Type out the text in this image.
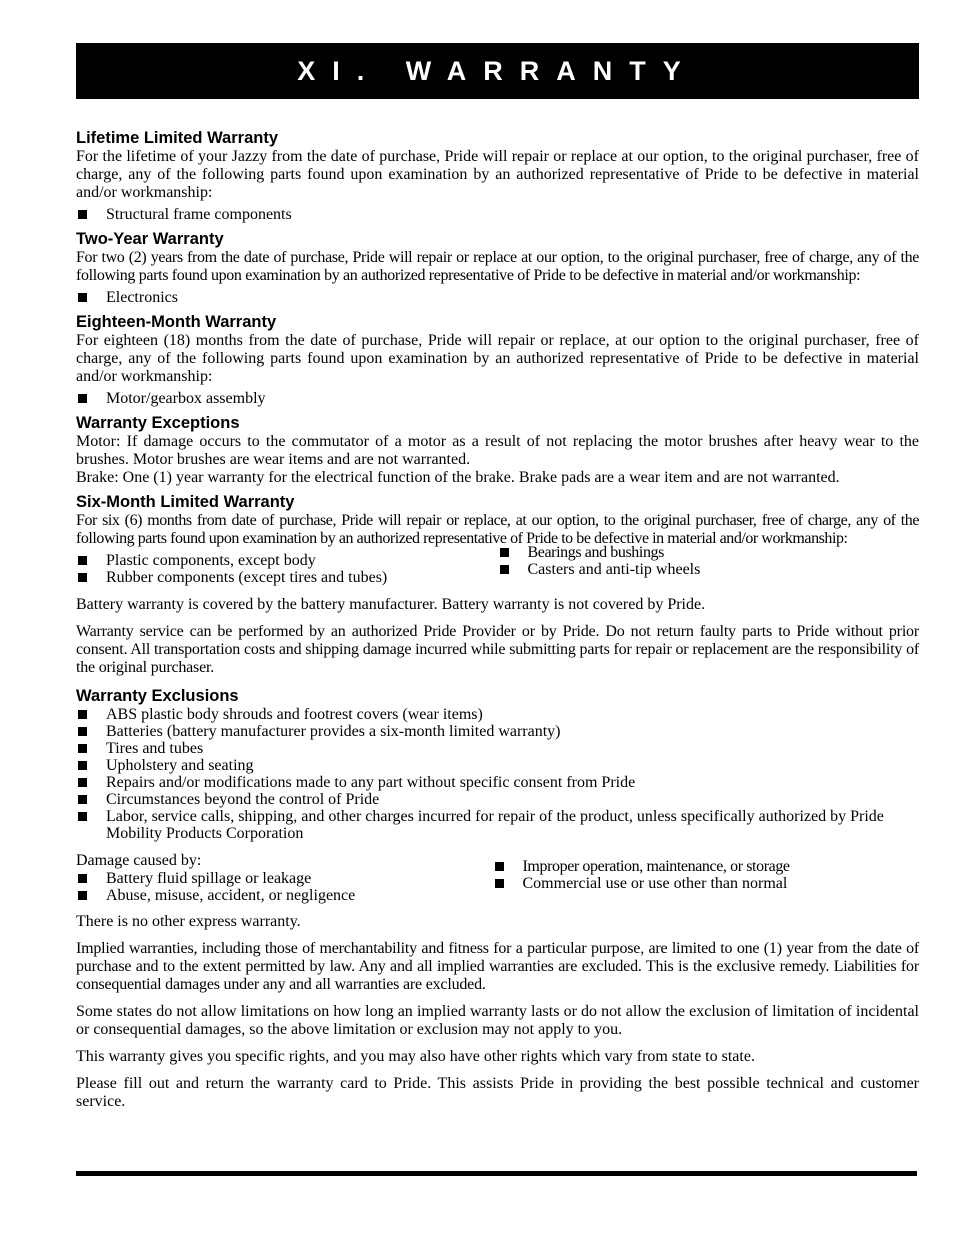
XI. WARRANTY
Lifetime Limited Warranty

For the lifetime of your Jazzy from the date of purchase, Pride will repair or replace at our option, to the original purchaser, free of charge, any of the following parts found upon examination by an authorized representative of Pride to be defective in material and/or workmanship:

Structural frame components
Two-Year Warranty

For two (2) years from the date of purchase, Pride will repair or replace at our option, to the original purchaser, free of charge, any of the following parts found upon examination by an authorized representative of Pride to be defective in material and/or workmanship:

Electronics
Eighteen-Month Warranty

For eighteen (18) months from the date of purchase, Pride will repair or replace, at our option to the original purchaser, free of charge, any of the following parts found upon examination by an authorized representative of Pride to be defective in material and/or workmanship:

Motor/gearbox assembly
Warranty Exceptions

Motor: If damage occurs to the commutator of a motor as a result of not replacing the motor brushes after heavy wear to the brushes. Motor brushes are wear items and are not warranted.

Brake: One (1) year warranty for the electrical function of the brake. Brake pads are a wear item and are not warranted.

Six-Month Limited Warranty

For six (6) months from date of purchase, Pride will repair or replace, at our option, to the original purchaser, free of charge, any of the following parts found upon examination by an authorized representative of Pride to be defective in material and/or workmanship:

Plastic components, except body
Rubber components (except tires and tubes)
Bearings and bushings
Casters and anti-tip wheels

Battery warranty is covered by the battery manufacturer. Battery warranty is not covered by Pride.

Warranty service can be performed by an authorized Pride Provider or by Pride. Do not return faulty parts to Pride without prior consent. All transportation costs and shipping damage incurred while submitting parts for repair or replacement are the responsibility of the original purchaser.

Warranty Exclusions
ABS plastic body shrouds and footrest covers (wear items)
Batteries (battery manufacturer provides a six-month limited warranty)
Tires and tubes
Upholstery and seating
Repairs and/or modifications made to any part without specific consent from Pride
Circumstances beyond the control of Pride
Labor, service calls, shipping, and other charges incurred for repair of the product, unless specifically authorized by Pride Mobility Products Corporation

Damage caused by:

Battery fluid spillage or leakage
Abuse, misuse, accident, or negligence
Improper operation, maintenance, or storage
Commercial use or use other than normal

There is no other express warranty.

Implied warranties, including those of merchantability and fitness for a particular purpose, are limited to one (1) year from the date of purchase and to the extent permitted by law. Any and all implied warranties are excluded. This is the exclusive remedy. Liabilities for consequential damages under any and all warranties are excluded.

Some states do not allow limitations on how long an implied warranty lasts or do not allow the exclusion of limitation of incidental or consequential damages, so the above limitation or exclusion may not apply to you.

This warranty gives you specific rights, and you may also have other rights which vary from state to state.

Please fill out and return the warranty card to Pride. This assists Pride in providing the best possible technical and customer service.
